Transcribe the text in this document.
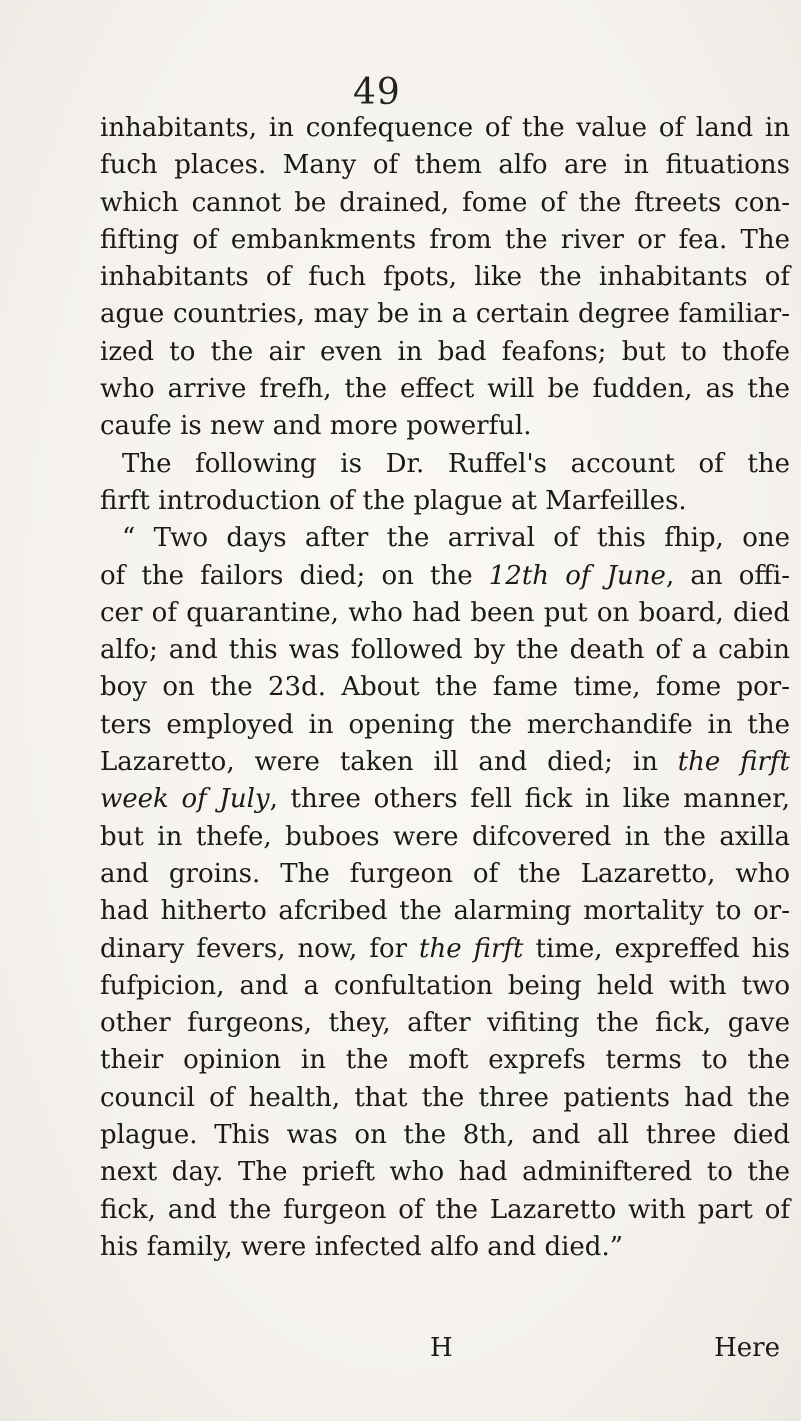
49
inhabitants, in confequence of the value of land in
fuch places. Many of them alfo are in fituations
which cannot be drained, fome of the ftreets con-
fifting of embankments from the river or fea. The
inhabitants of fuch fpots, like the inhabitants of
ague countries, may be in a certain degree familiar-
ized to the air even in bad feafons; but to thofe
who arrive frefh, the effect will be fudden, as the
caufe is new and more powerful.
The following is Dr. Ruffel's account of the
firft introduction of the plague at Marfeilles.
“ Two days after the arrival of this fhip, one
of the failors died; on the 12th of June, an offi-
cer of quarantine, who had been put on board, died
alfo; and this was followed by the death of a cabin
boy on the 23d. About the fame time, fome por-
ters employed in opening the merchandife in the
Lazaretto, were taken ill and died; in the firft
week of July, three others fell fick in like manner,
but in thefe, buboes were difcovered in the axilla
and groins. The furgeon of the Lazaretto, who
had hitherto afcribed the alarming mortality to or-
dinary fevers, now, for the firft time, expreffed his
fufpicion, and a confultation being held with two
other furgeons, they, after vifiting the fick, gave
their opinion in the moft exprefs terms to the
council of health, that the three patients had the
plague. This was on the 8th, and all three died
next day. The prieft who had adminiftered to the
fick, and the furgeon of the Lazaretto with part of
his family, were infected alfo and died.”
H	Here
